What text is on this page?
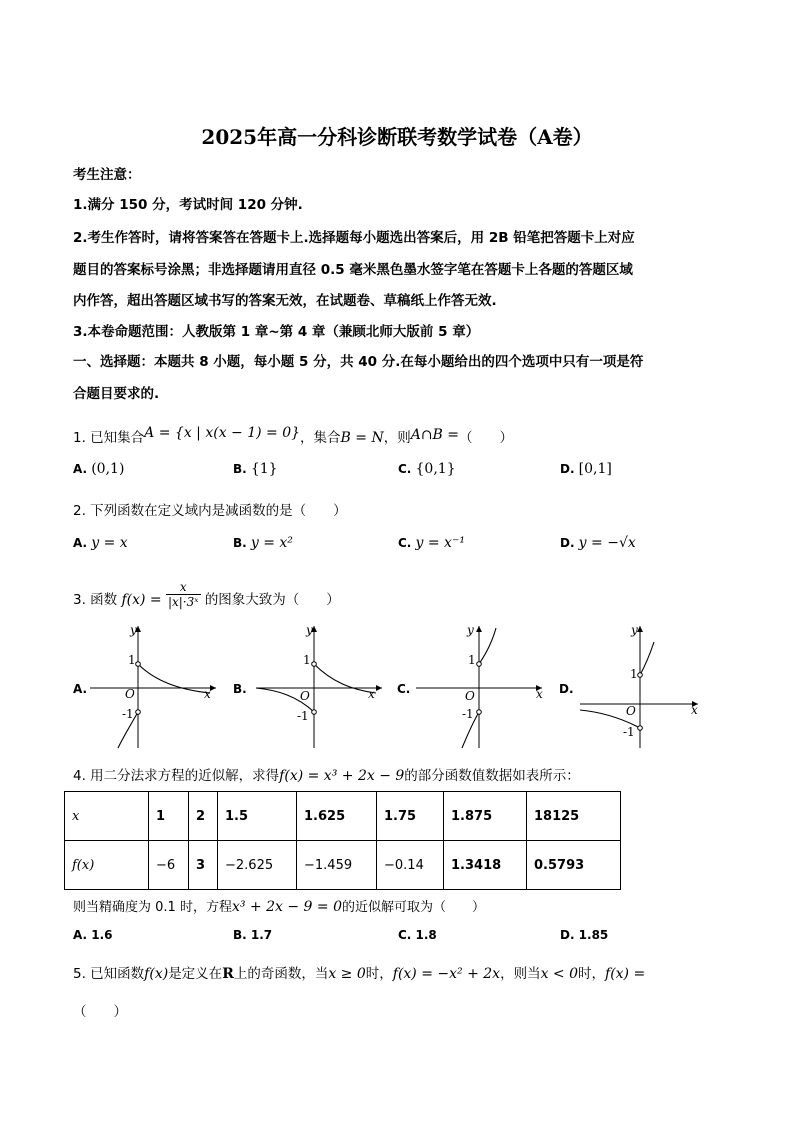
2025年高一分科诊断联考数学试卷（A卷）
考生注意：
1.满分 150 分，考试时间 120 分钟.
2.考生作答时，请将答案答在答题卡上.选择题每小题选出答案后，用 2B 铅笔把答题卡上对应
题目的答案标号涂黑；非选择题请用直径 0.5 毫米黑色墨水签字笔在答题卡上各题的答题区域
内作答，超出答题区域书写的答案无效，在试题卷、草稿纸上作答无效.
3.本卷命题范围：人教版第 1 章~第 4 章（兼顾北师大版前 5 章）
一、选择题：本题共 8 小题，每小题 5 分，共 40 分.在每小题给出的四个选项中只有一项是符
合题目要求的.
1. 已知集合A = {x | x(x − 1) = 0}，集合B = N，则A∩B =（　　）
A. (0,1)	B. {1}	C. {0,1}	D. [0,1]
2. 下列函数在定义域内是减函数的是（　　）
A. y = x	B. y = x²	C. y = x⁻¹	D. y = −√x
3. 函数 $f(x) = \frac{x}{\text{|x|·3ˣ}}$ 的图象大致为（　　）
A.	B.	C.	D.
y
x
O
1
-1
y
x
O
1
-1
y
x
O
1
-1
y
x
O
1
-1
4. 用二分法求方程的近似解，求得f(x) = x³ + 2x − 9的部分函数值数据如表所示：
x	1	2	1.5	1.625	1.75	1.875	18125
f(x)	−6	3	−2.625	−1.459	−0.14	1.3418	0.5793
则当精确度为 0.1 时，方程x³ + 2x − 9 = 0的近似解可取为（　　）
A. 1.6	B. 1.7	C. 1.8	D. 1.85
5. 已知函数f(x)是定义在R上的奇函数，当x ≥ 0时，f(x) = −x² + 2x，则当x < 0时，f(x) =
（　　）
